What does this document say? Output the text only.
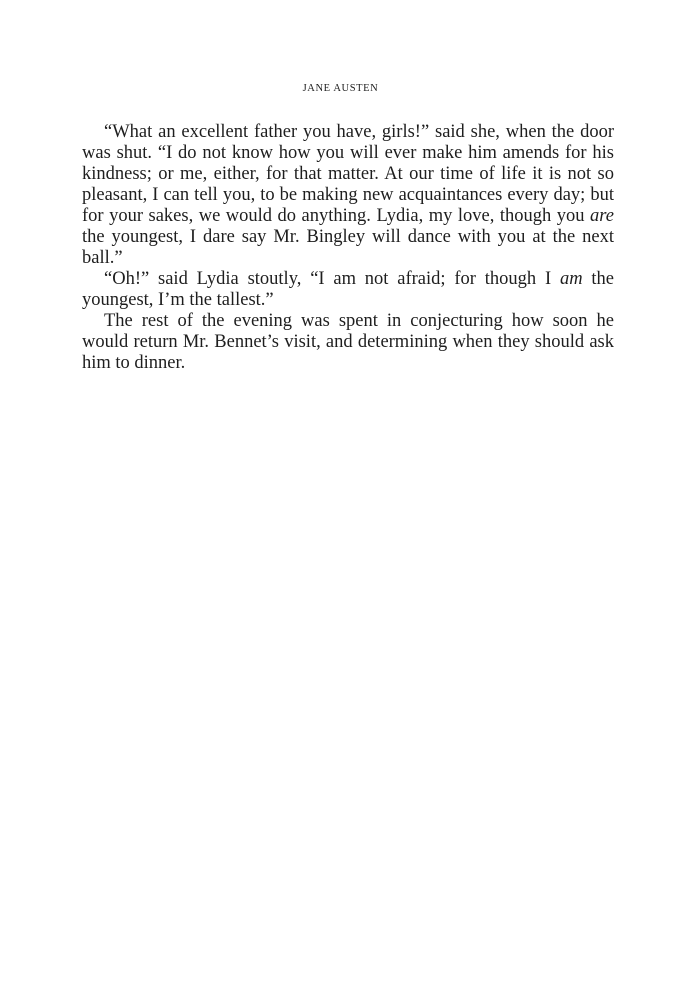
JANE AUSTEN

“What an excellent father you have, girls!” said she, when the door was shut. “I do not know how you will ever make him amends for his kindness; or me, either, for that matter. At our time of life it is not so pleasant, I can tell you, to be making new acquaintances every day; but for your sakes, we would do anything. Lydia, my love, though you are the youngest, I dare say Mr. Bingley will dance with you at the next ball.”

“Oh!” said Lydia stoutly, “I am not afraid; for though I am the youngest, I’m the tallest.”

The rest of the evening was spent in conjecturing how soon he would return Mr. Bennet’s visit, and determining when they should ask him to dinner.
